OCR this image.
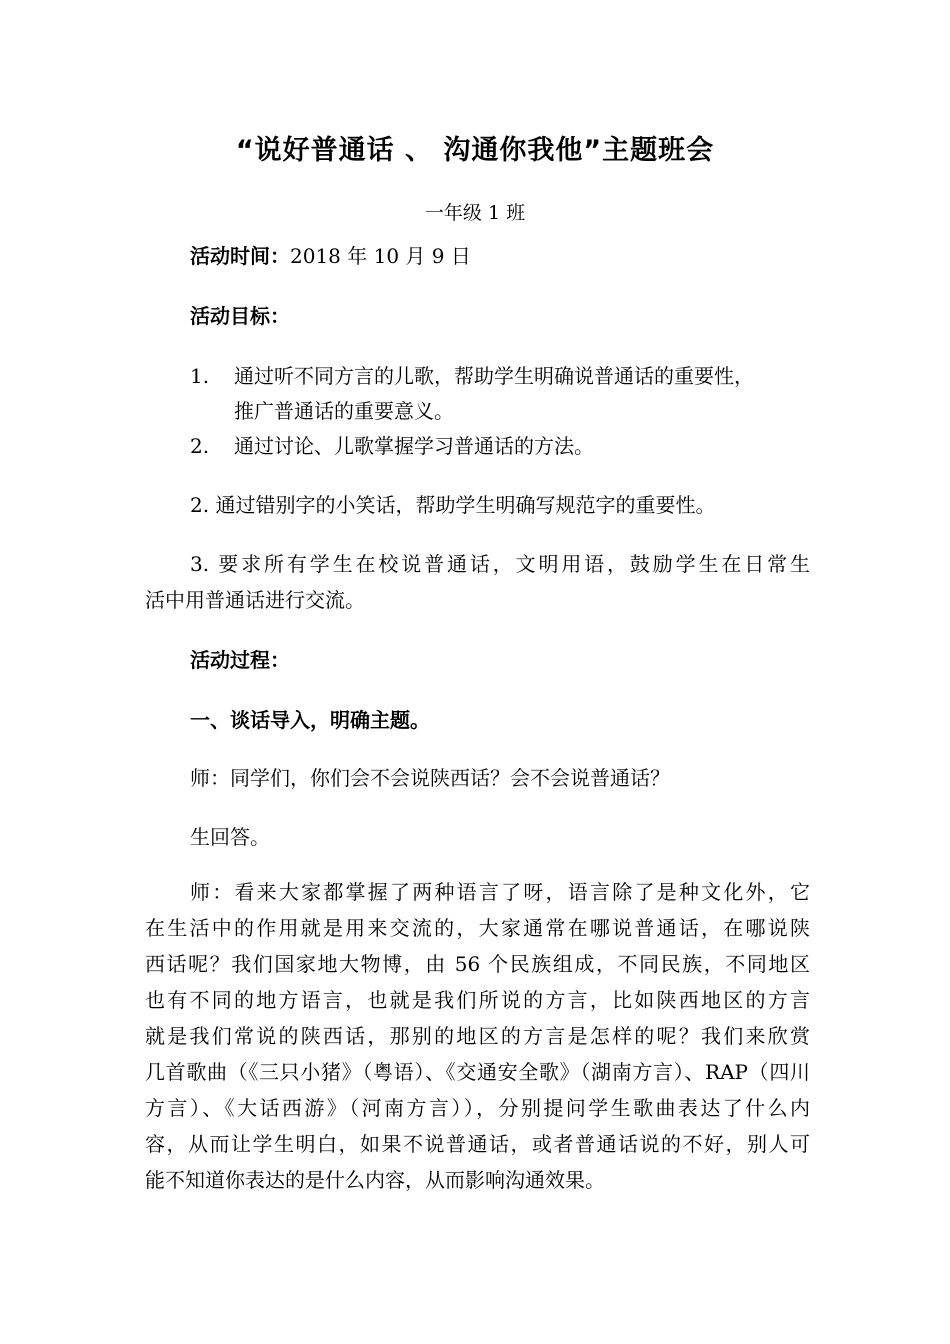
“说好普通话 、 沟通你我他”主题班会
一年级 1 班
活动时间：2018 年 10 月 9 日
活动目标：
1. 通过听不同方言的儿歌，帮助学生明确说普通话的重要性，
推广普通话的重要意义。
2. 通过讨论、儿歌掌握学习普通话的方法。
2. 通过错别字的小笑话，帮助学生明确写规范字的重要性。
3. 要求所有学生在校说普通话，文明用语，鼓励学生在日常生
活中用普通话进行交流。
活动过程：
一、谈话导入，明确主题。
师：同学们，你们会不会说陕西话？会不会说普通话？
生回答。
师：看来大家都掌握了两种语言了呀，语言除了是种文化外，它
在生活中的作用就是用来交流的，大家通常在哪说普通话，在哪说陕
西话呢？我们国家地大物博，由 56 个民族组成，不同民族，不同地区
也有不同的地方语言，也就是我们所说的方言，比如陕西地区的方言
就是我们常说的陕西话，那别的地区的方言是怎样的呢？我们来欣赏
几首歌曲（《三只小猪》（粤语）、《交通安全歌》（湖南方言）、RAP（四川
方言）、《大话西游》（河南方言）），分别提问学生歌曲表达了什么内
容，从而让学生明白，如果不说普通话，或者普通话说的不好，别人可
能不知道你表达的是什么内容，从而影响沟通效果。
